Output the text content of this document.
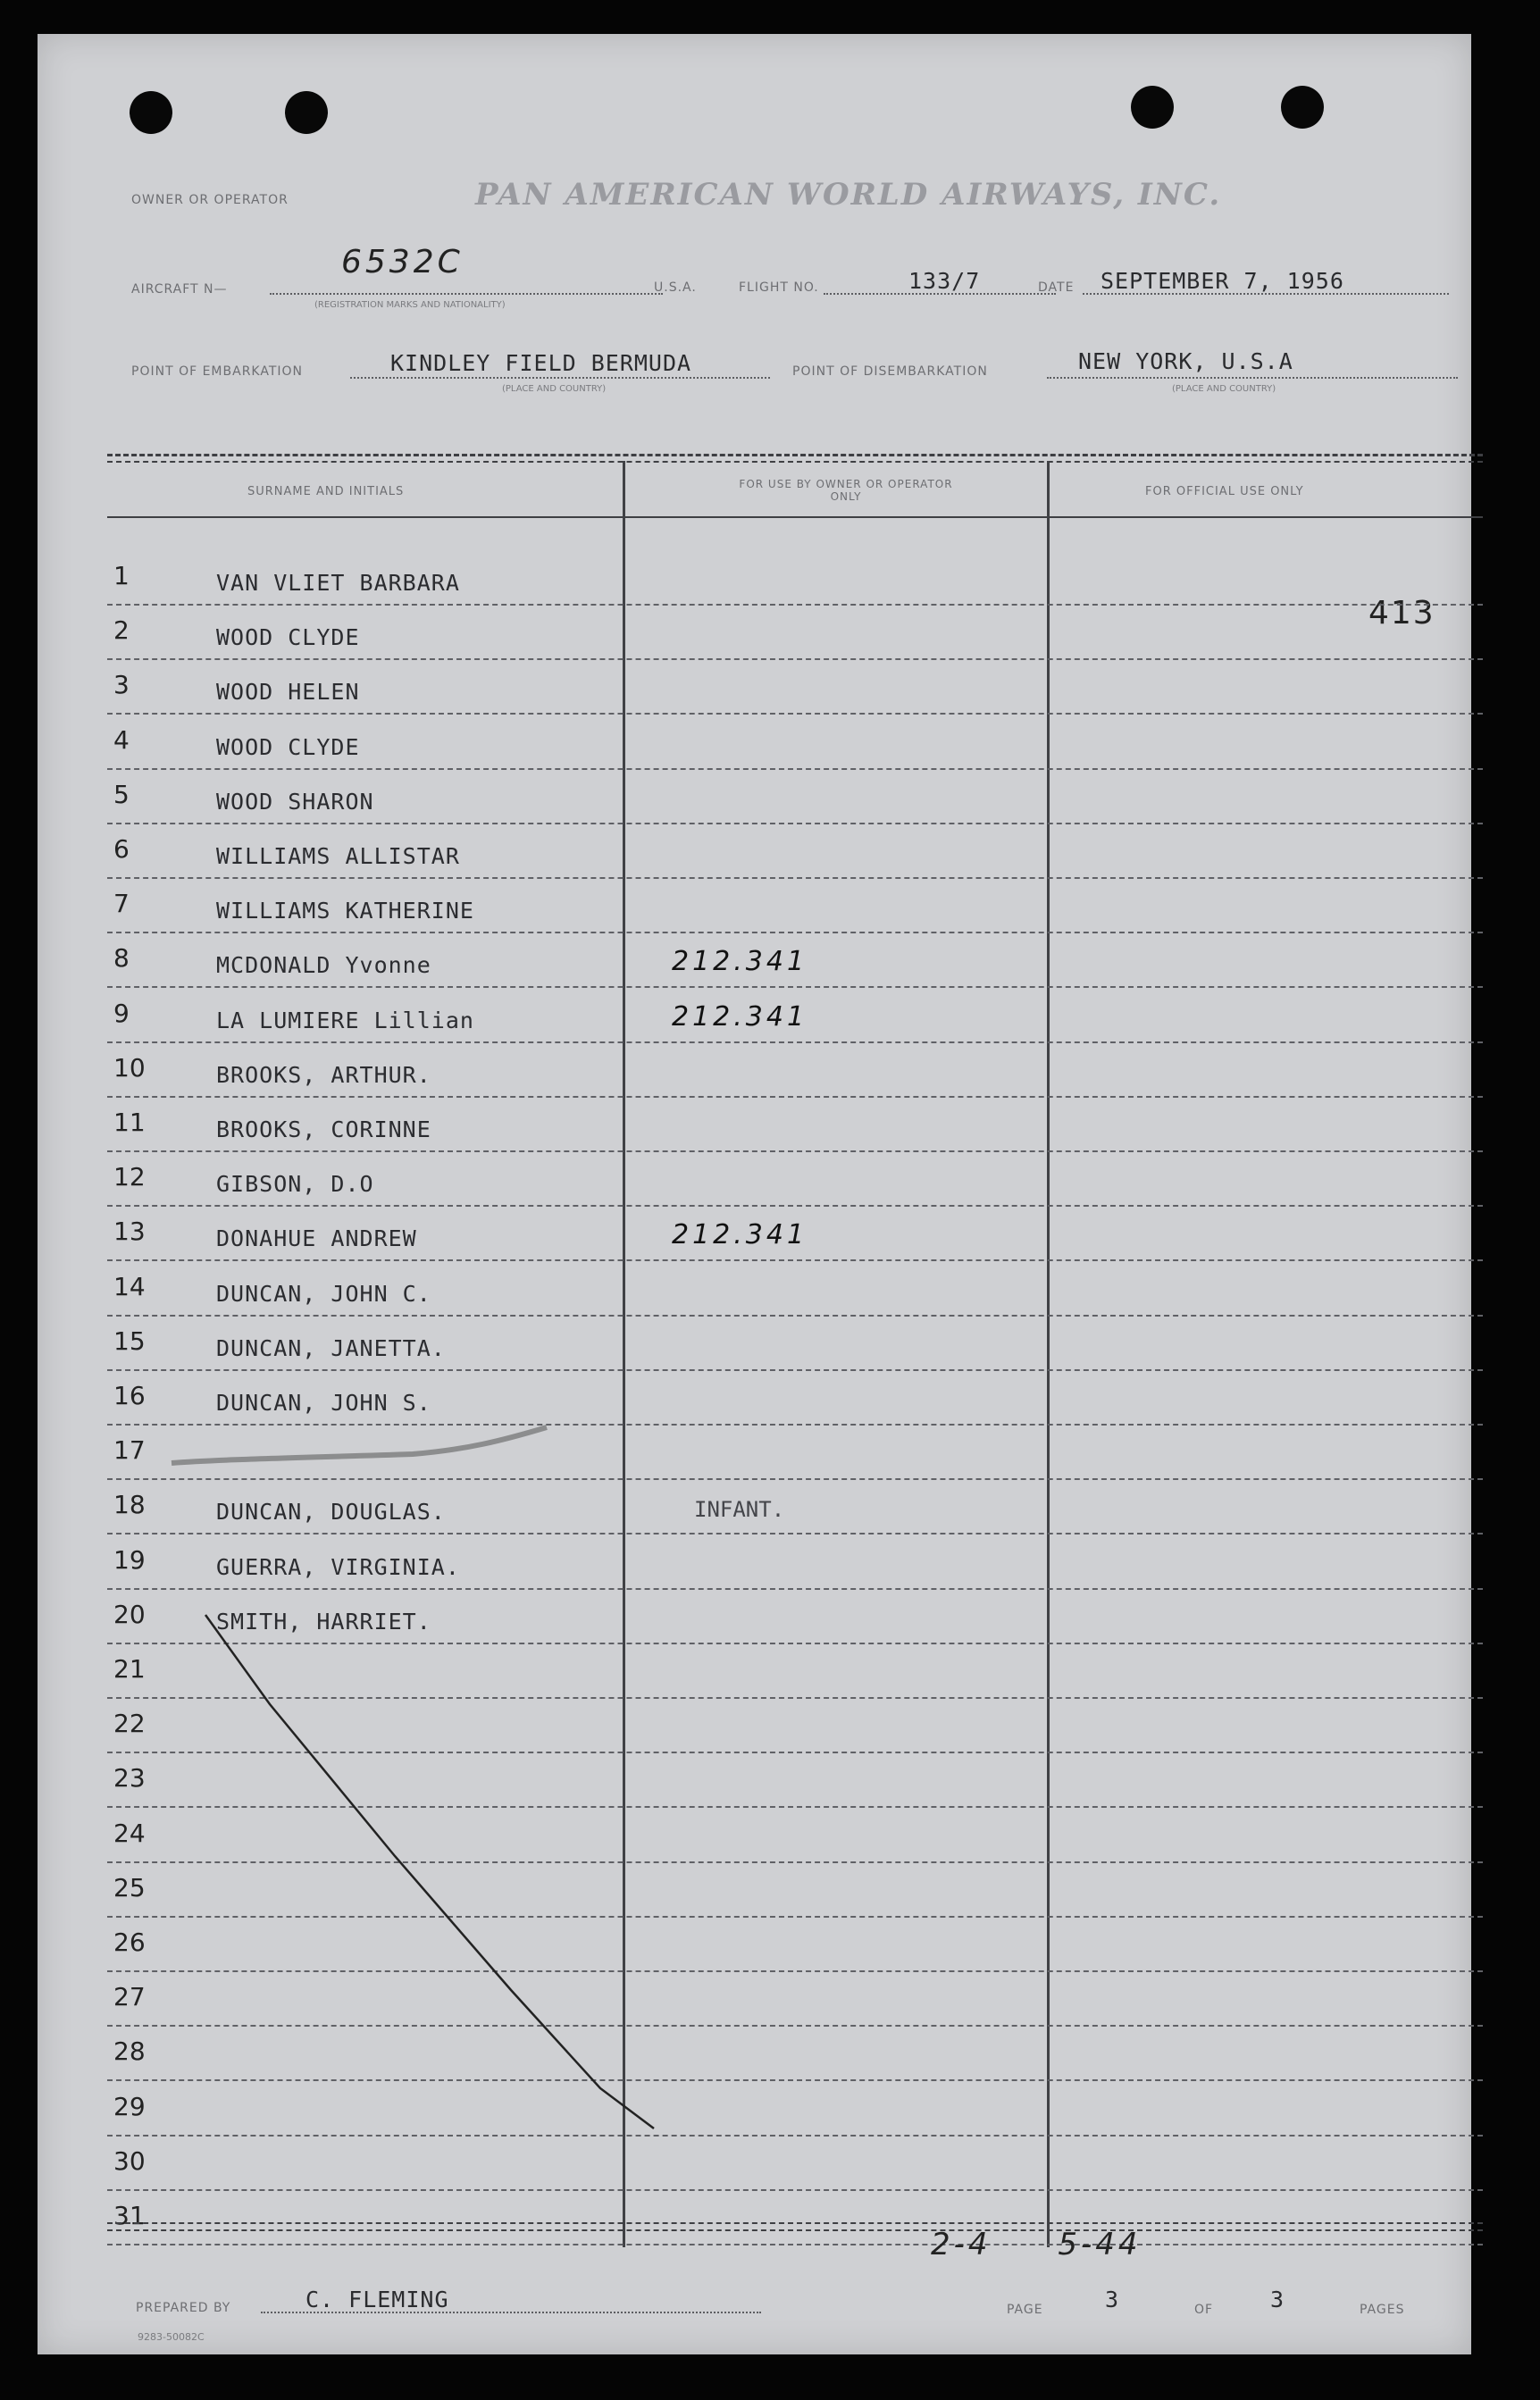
OWNER OR OPERATOR	PAN AMERICAN WORLD AIRWAYS, INC.
AIRCRAFT N—
6532C
(REGISTRATION MARKS AND NATIONALITY)
U.S.A.	FLIGHT NO.	133/7	DATE SEPTEMBER 7, 1956
POINT OF EMBARKATION	KINDLEY FIELD BERMUDA
(PLACE AND COUNTRY)
POINT OF DISEMBARKATION	NEW YORK, U.S.A
(PLACE AND COUNTRY)
SURNAME AND INITIALS
FOR USE BY OWNER OR OPERATOR ONLY	FOR OFFICIAL USE ONLY
413
1	VAN VLIET BARBARA
2	WOOD CLYDE
3	WOOD HELEN
4	WOOD CLYDE
5	WOOD SHARON
6	WILLIAMS ALLISTAR
7	WILLIAMS KATHERINE
8	MCDONALD Yvonne	212.341
9	LA LUMIERE Lillian	212.341
10	BROOKS, ARTHUR.
11	BROOKS, CORINNE
12	GIBSON, D.O
13	DONAHUE ANDREW	212.341
14	DUNCAN, JOHN C.
15	DUNCAN, JANETTA.
16	DUNCAN, JOHN S.
17
18	DUNCAN, DOUGLAS.	INFANT.
19	GUERRA, VIRGINIA.
20	SMITH, HARRIET.
21
22
23
24
25
26
27
28
29
30
31
2-4 5-44
PREPARED BY	C. FLEMING	PAGE	3	OF	3	PAGES
9283-50082C
